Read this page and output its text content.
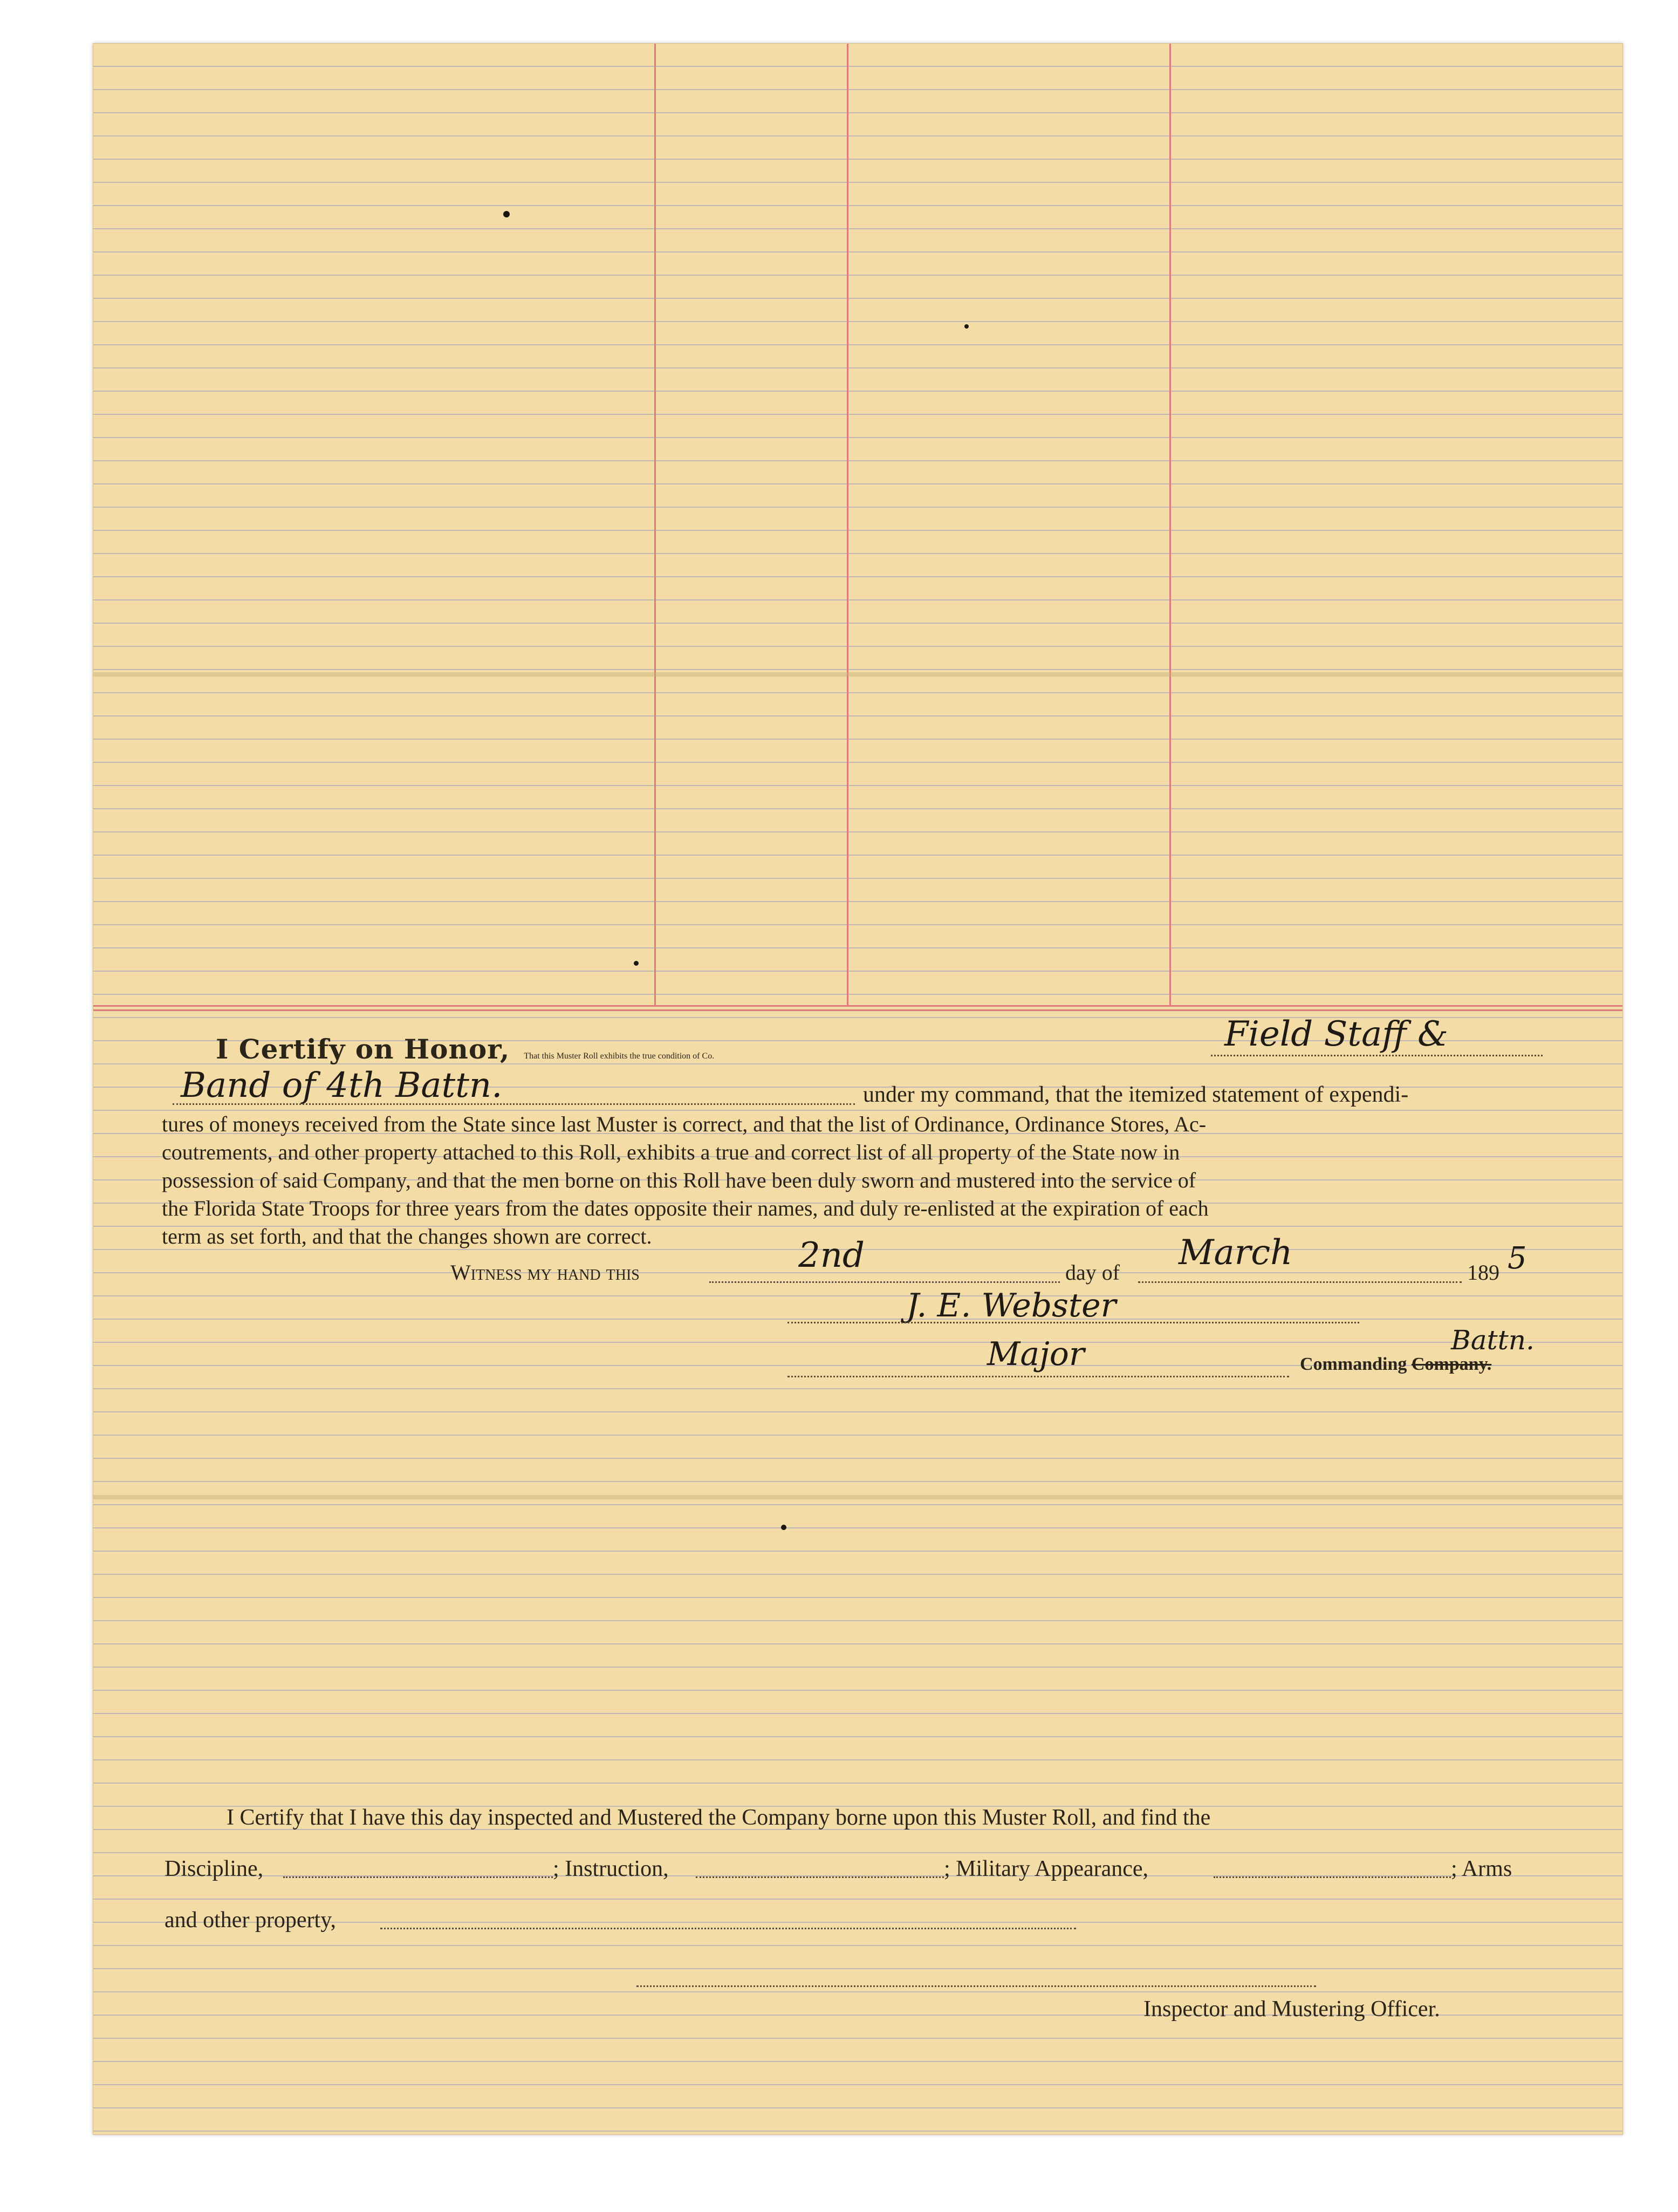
I Certify on Honor, That this Muster Roll exhibits the true condition of Co.
Field Staff &
Band of 4th Battn.	under my command, that the itemized statement of expendi-
tures of moneys received from the State since last Muster is correct, and that the list of Ordinance, Ordinance Stores, Ac-
coutrements, and other property attached to this Roll, exhibits a true and correct list of all property of the State now in
possession of said Company, and that the men borne on this Roll have been duly sworn and mustered into the service of
the Florida State Troops for three years from the dates opposite their names, and duly re-enlisted at the expiration of each
term as set forth, and that the changes shown are correct.
Witness my hand this	2nd	day of March	189 5
J. E. Webster
Major	Commanding Company.
Battn.
I Certify that I have this day inspected and Mustered the Company borne upon this Muster Roll, and find the
Discipline,	; Instruction,	; Military Appearance,	; Arms
and other property,
Inspector and Mustering Officer.
